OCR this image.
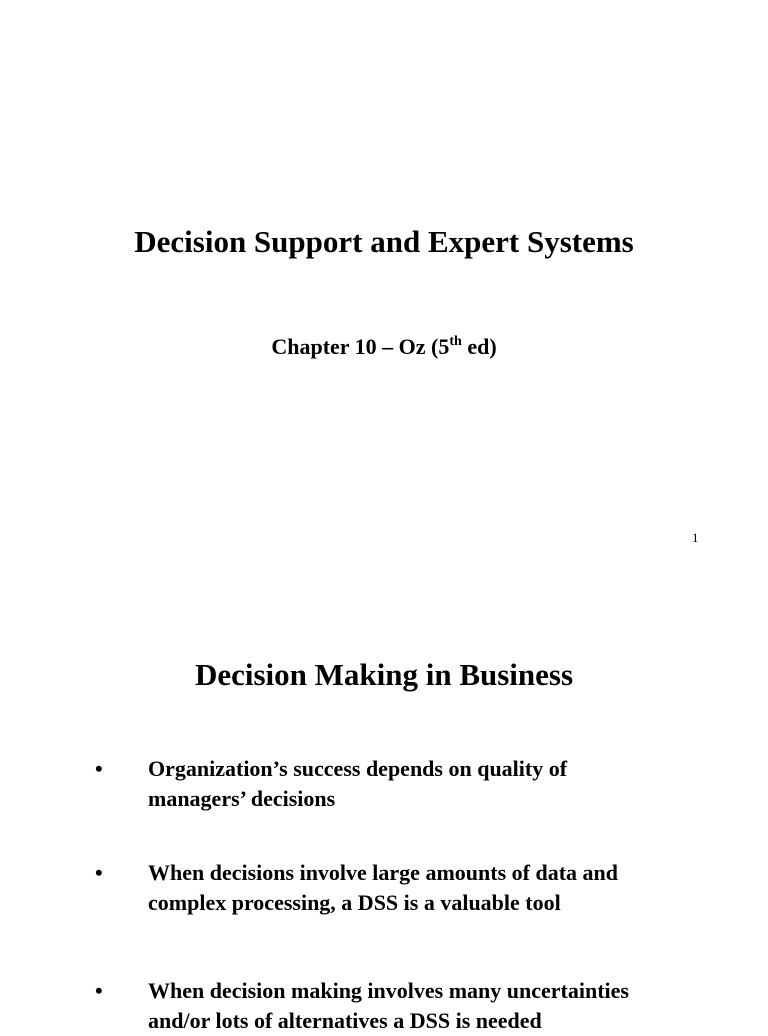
Decision Support and Expert Systems
Chapter 10 – Oz (5th ed)
1
Decision Making in Business
• Organization’s success depends on quality of
managers’ decisions
• When decisions involve large amounts of data and
complex processing, a DSS is a valuable tool
• When decision making involves many uncertainties
and/or lots of alternatives a DSS is needed
